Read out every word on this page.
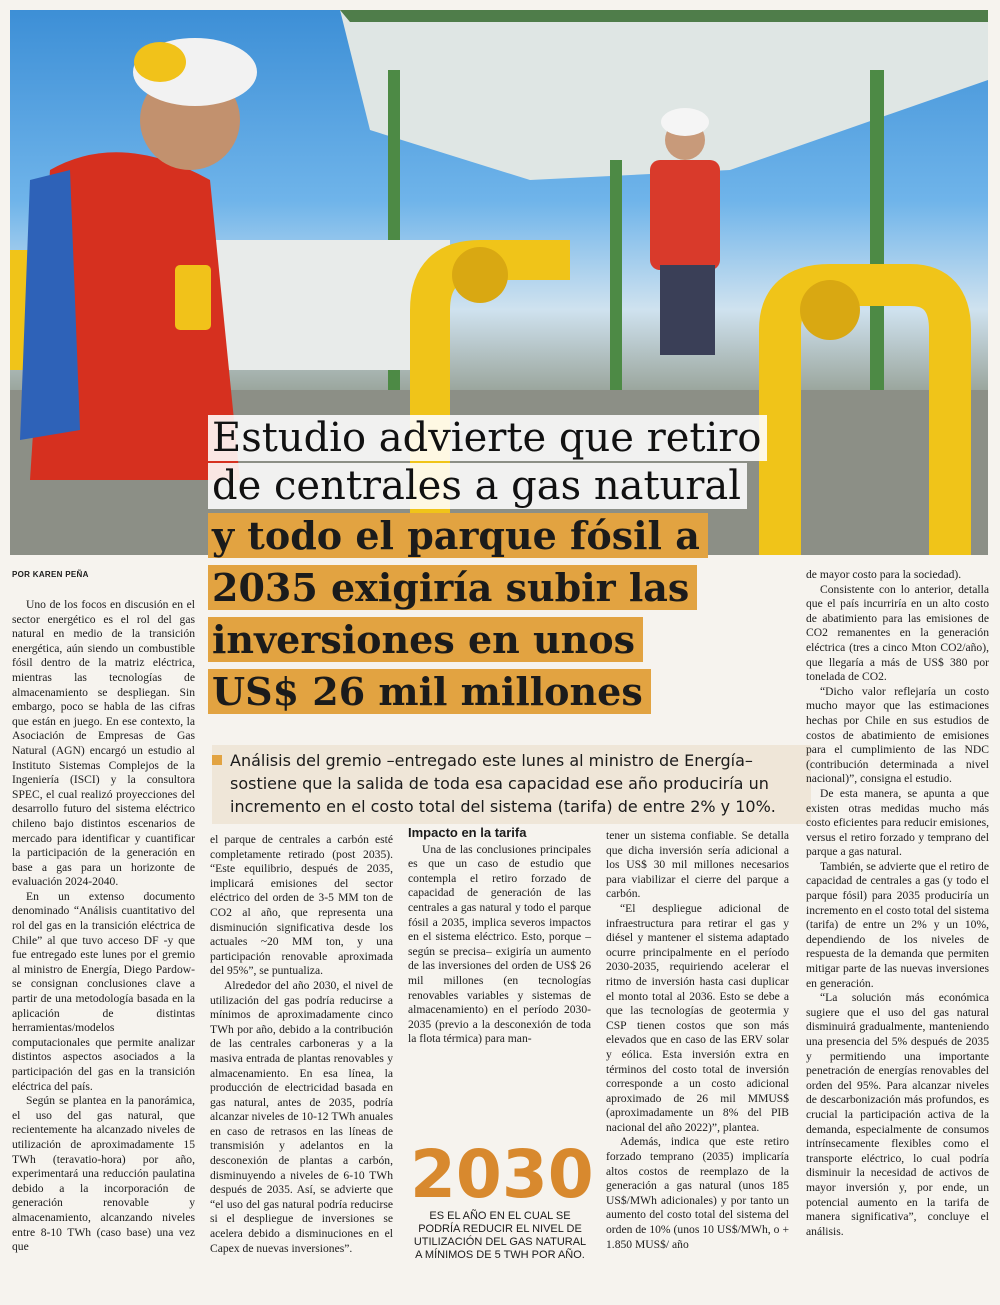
Estudio advierte que retiro
de centrales a gas natural
y todo el parque fósil a
2035 exigiría subir las
inversiones en unos
US$ 26 mil millones
Análisis del gremio –entregado este lunes al ministro de Energía– sostiene que la salida de toda esa capacidad ese año produciría un incremento en el costo total del sistema (tarifa) de entre 2% y 10%.
POR KAREN PEÑA

Uno de los focos en discusión en el sector energético es el rol del gas natural en medio de la transición energética, aún siendo un combustible fósil dentro de la matriz eléctrica, mientras las tecnologías de almacenamiento se despliegan. Sin embargo, poco se habla de las cifras que están en juego. En ese contexto, la Asociación de Empresas de Gas Natural (AGN) encargó un estudio al Instituto Sistemas Complejos de la Ingeniería (ISCI) y la consultora SPEC, el cual realizó proyecciones del desarrollo futuro del sistema eléctrico chileno bajo distintos escenarios de mercado para identificar y cuantificar la participación de la generación en base a gas para un horizonte de evaluación 2024-2040.

En un extenso documento denominado “Análisis cuantitativo del rol del gas en la transición eléctrica de Chile” al que tuvo acceso DF -y que fue entregado este lunes por el gremio al ministro de Energía, Diego Pardow- se consignan conclusiones clave a partir de una metodología basada en la aplicación de distintas herramientas/modelos computacionales que permite analizar distintos aspectos asociados a la participación del gas en la transición eléctrica del país.

Según se plantea en la panorámica, el uso del gas natural, que recientemente ha alcanzado niveles de utilización de aproximadamente 15 TWh (teravatio-hora) por año, experimentará una reducción paulatina debido a la incorporación de generación renovable y almacenamiento, alcanzando niveles entre 8-10 TWh (caso base) una vez que

el parque de centrales a carbón esté completamente retirado (post 2035). “Este equilibrio, después de 2035, implicará emisiones del sector eléctrico del orden de 3-5 MM ton de CO2 al año, que representa una disminución significativa desde los actuales ~20 MM ton, y una participación renovable aproximada del 95%”, se puntualiza.

Alrededor del año 2030, el nivel de utilización del gas podría reducirse a mínimos de aproximadamente cinco TWh por año, debido a la contribución de las centrales carboneras y a la masiva entrada de plantas renovables y almacenamiento. En esa línea, la producción de electricidad basada en gas natural, antes de 2035, podría alcanzar niveles de 10-12 TWh anuales en caso de retrasos en las líneas de transmisión y adelantos en la desconexión de plantas a carbón, disminuyendo a niveles de 6-10 TWh después de 2035. Así, se advierte que “el uso del gas natural podría reducirse si el despliegue de inversiones se acelera debido a disminuciones en el Capex de nuevas inversiones”.

Impacto en la tarifa

Una de las conclusiones principales es que un caso de estudio que contempla el retiro forzado de capacidad de generación de las centrales a gas natural y todo el parque fósil a 2035, implica severos impactos en el sistema eléctrico. Esto, porque –según se precisa– exigiría un aumento de las inversiones del orden de US$ 26 mil millones (en tecnologías renovables variables y sistemas de almacenamiento) en el período 2030-2035 (previo a la desconexión de toda la flota térmica) para man-

2030
ES EL AÑO EN EL CUAL SE PODRÍA REDUCIR EL NIVEL DE UTILIZACIÓN DEL GAS NATURAL A MÍNIMOS DE 5 TWH POR AÑO.

tener un sistema confiable. Se detalla que dicha inversión sería adicional a los US$ 30 mil millones necesarios para viabilizar el cierre del parque a carbón.

“El despliegue adicional de infraestructura para retirar el gas y diésel y mantener el sistema adaptado ocurre principalmente en el período 2030-2035, requiriendo acelerar el ritmo de inversión hasta casi duplicar el monto total al 2036. Esto se debe a que las tecnologías de geotermia y CSP tienen costos que son más elevados que en caso de las ERV solar y eólica. Esta inversión extra en términos del costo total de inversión corresponde a un costo adicional aproximado de 26 mil MMUS$ (aproximadamente un 8% del PIB nacional del año 2022)”, plantea.

Además, indica que este retiro forzado temprano (2035) implicaría altos costos de reemplazo de la generación a gas natural (unos 185 US$/MWh adicionales) y por tanto un aumento del costo total del sistema del orden de 10% (unos 10 US$/MWh, o + 1.850 MUS$/ año

de mayor costo para la sociedad).

Consistente con lo anterior, detalla que el país incurriría en un alto costo de abatimiento para las emisiones de CO2 remanentes en la generación eléctrica (tres a cinco Mton CO2/año), que llegaría a más de US$ 380 por tonelada de CO2.

“Dicho valor reflejaría un costo mucho mayor que las estimaciones hechas por Chile en sus estudios de costos de abatimiento de emisiones para el cumplimiento de las NDC (contribución determinada a nivel nacional)”, consigna el estudio.

De esta manera, se apunta a que existen otras medidas mucho más costo eficientes para reducir emisiones, versus el retiro forzado y temprano del parque a gas natural.

También, se advierte que el retiro de capacidad de centrales a gas (y todo el parque fósil) para 2035 produciría un incremento en el costo total del sistema (tarifa) de entre un 2% y un 10%, dependiendo de los niveles de respuesta de la demanda que permiten mitigar parte de las nuevas inversiones en generación.

“La solución más económica sugiere que el uso del gas natural disminuirá gradualmente, manteniendo una presencia del 5% después de 2035 y permitiendo una importante penetración de energías renovables del orden del 95%. Para alcanzar niveles de descarbonización más profundos, es crucial la participación activa de la demanda, especialmente de consumos intrínsecamente flexibles como el transporte eléctrico, lo cual podría disminuir la necesidad de activos de mayor inversión y, por ende, un potencial aumento en la tarifa de manera significativa”, concluye el análisis.
